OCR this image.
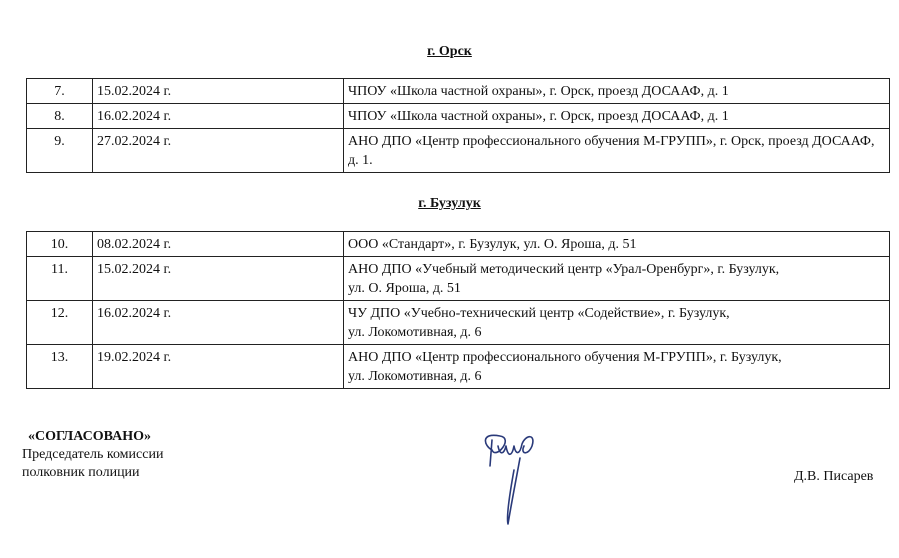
г. Орск
7.	15.02.2024 г.	ЧПОУ «Школа частной охраны», г. Орск, проезд ДОСААФ, д. 1
8.	16.02.2024 г.	ЧПОУ «Школа частной охраны», г. Орск, проезд ДОСААФ, д. 1
9.	27.02.2024 г.	АНО ДПО «Центр профессионального обучения М-ГРУПП», г. Орск, проезд ДОСААФ, д. 1.
г. Бузулук
10.	08.02.2024 г.	ООО «Стандарт», г. Бузулук, ул. О. Яроша, д. 51
11.	15.02.2024 г.	АНО ДПО «Учебный методический центр «Урал-Оренбург», г. Бузулук,
ул. О. Яроша, д. 51
12.	16.02.2024 г.	ЧУ ДПО «Учебно-технический центр «Содействие», г. Бузулук,
ул. Локомотивная, д. 6
13.	19.02.2024 г.	АНО ДПО «Центр профессионального обучения М-ГРУПП», г. Бузулук,
ул. Локомотивная, д. 6
«СОГЛАСОВАНО»
Председатель комиссии
полковник полиции	Д.В. Писарев
